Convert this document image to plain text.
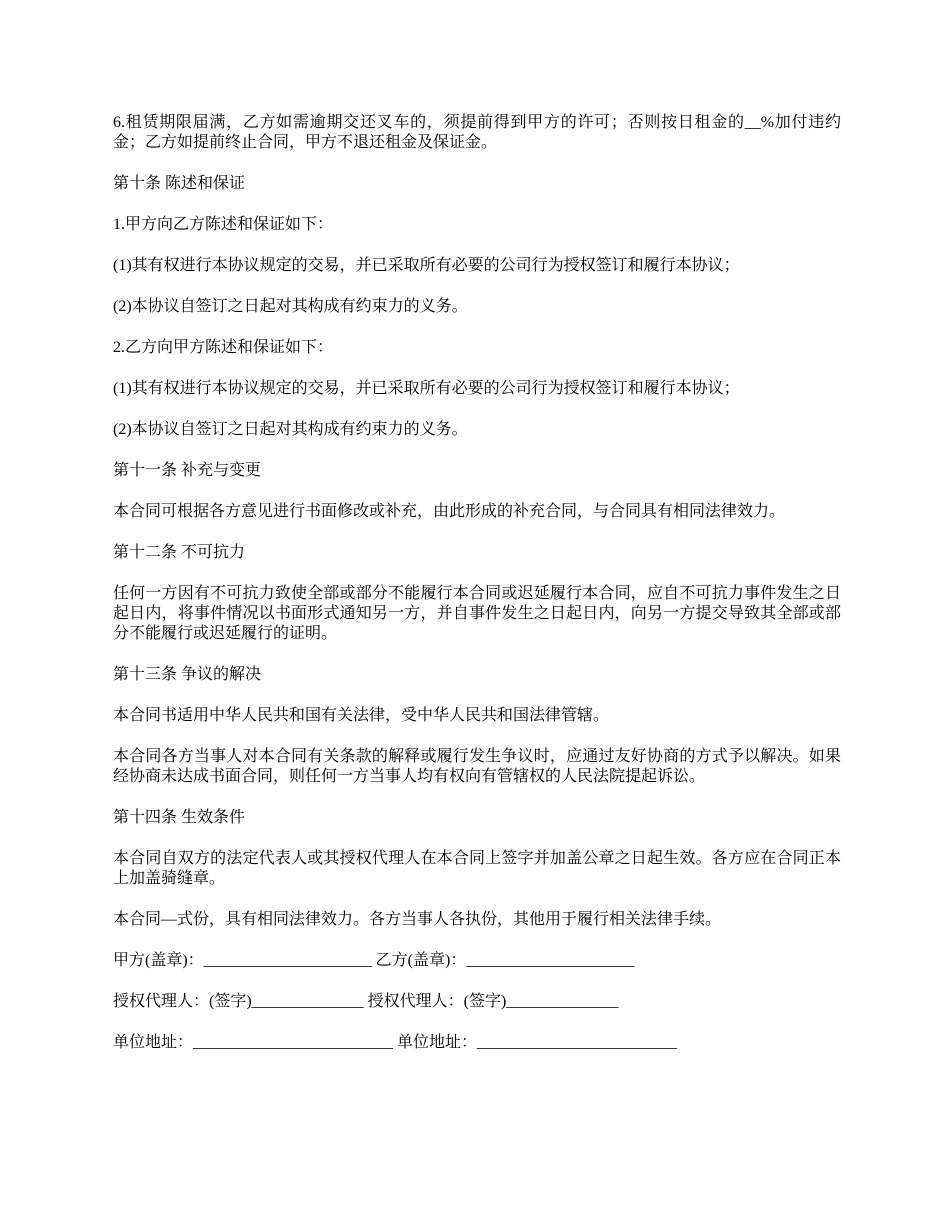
6.租赁期限届满，乙方如需逾期交还叉车的，须提前得到甲方的许可；否则按日租金的__%加付违约金；乙方如提前终止合同，甲方不退还租金及保证金。

第十条 陈述和保证

1.甲方向乙方陈述和保证如下：

(1)其有权进行本协议规定的交易，并已采取所有必要的公司行为授权签订和履行本协议；

(2)本协议自签订之日起对其构成有约束力的义务。

2.乙方向甲方陈述和保证如下：

(1)其有权进行本协议规定的交易，并已采取所有必要的公司行为授权签订和履行本协议；

(2)本协议自签订之日起对其构成有约束力的义务。

第十一条 补充与变更

本合同可根据各方意见进行书面修改或补充，由此形成的补充合同，与合同具有相同法律效力。

第十二条 不可抗力

任何一方因有不可抗力致使全部或部分不能履行本合同或迟延履行本合同，应自不可抗力事件发生之日起日内，将事件情况以书面形式通知另一方，并自事件发生之日起日内，向另一方提交导致其全部或部分不能履行或迟延履行的证明。

第十三条 争议的解决

本合同书适用中华人民共和国有关法律，受中华人民共和国法律管辖。

本合同各方当事人对本合同有关条款的解释或履行发生争议时，应通过友好协商的方式予以解决。如果经协商未达成书面合同，则任何一方当事人均有权向有管辖权的人民法院提起诉讼。

第十四条 生效条件

本合同自双方的法定代表人或其授权代理人在本合同上签字并加盖公章之日起生效。各方应在合同正本上加盖骑缝章。

本合同—式份，具有相同法律效力。各方当事人各执份，其他用于履行相关法律手续。

甲方(盖章)：_____________________ 乙方(盖章)：_____________________

授权代理人：(签字)______________ 授权代理人：(签字)______________

单位地址：_________________________ 单位地址：_________________________
